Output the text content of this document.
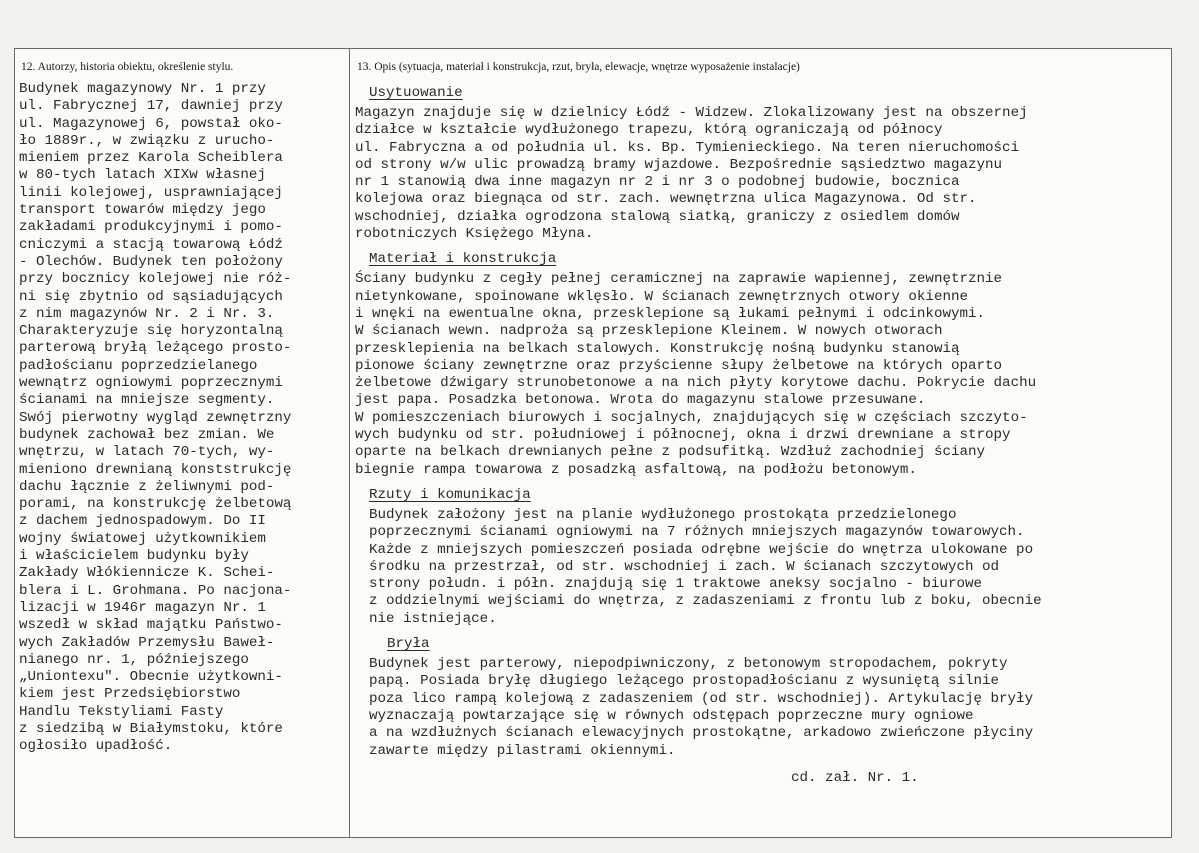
12. Autorzy, historia obiektu, określenie stylu.	13. Opis (sytuacja, materiał i konstrukcja, rzut, bryła, elewacje, wnętrze wyposażenie instalacje)
Budynek magazynowy Nr. 1 przy
ul. Fabrycznej 17, dawniej przy
ul. Magazynowej 6, powstał oko-
ło 1889r., w związku z urucho-
mieniem przez Karola Scheiblera
w 80-tych latach XIXw własnej
linii kolejowej, usprawniającej
transport towarów między jego
zakładami produkcyjnymi i pomo-
cniczymi a stacją towarową Łódź
- Olechów. Budynek ten położony
przy bocznicy kolejowej nie róż-
ni się zbytnio od sąsiadujących
z nim magazynów Nr. 2 i Nr. 3.
Charakteryzuje się horyzontalną
parterową bryłą leżącego prosto-
padłościanu poprzedzielanego
wewnątrz ogniowymi poprzecznymi
ścianami na mniejsze segmenty.
Swój pierwotny wygląd zewnętrzny
budynek zachował bez zmian. We
wnętrzu, w latach 70-tych, wy-
mieniono drewnianą konststrukcję
dachu łącznie z żeliwnymi pod-
porami, na konstrukcję żelbetową
z dachem jednospadowym. Do II
wojny światowej użytkownikiem
i właścicielem budynku były
Zakłady Włókiennicze K. Schei-
blera i L. Grohmana. Po nacjona-
lizacji w 1946r magazyn Nr. 1
wszedł w skład majątku Państwo-
wych Zakładów Przemysłu Baweł-
nianego nr. 1, późniejszego
„Uniontexu". Obecnie użytkowni-
kiem jest Przedsiębiorstwo
Handlu Tekstyliami Fasty
z siedzibą w Białymstoku, które
ogłosiło upadłość.
Usytuowanie
Magazyn znajduje się w dzielnicy Łódź - Widzew. Zlokalizowany jest na obszernej
działce w kształcie wydłużonego trapezu, którą ograniczają od północy
ul. Fabryczna a od południa ul. ks. Bp. Tymienieckiego. Na teren nieruchomości
od strony w/w ulic prowadzą bramy wjazdowe. Bezpośrednie sąsiedztwo magazynu
nr 1 stanowią dwa inne magazyn nr 2 i nr 3 o podobnej budowie, bocznica
kolejowa oraz biegnąca od str. zach. wewnętrzna ulica Magazynowa. Od str.
wschodniej, działka ogrodzona stalową siatką, graniczy z osiedlem domów
robotniczych Księżego Młyna.
Materiał i konstrukcja
Ściany budynku z cegły pełnej ceramicznej na zaprawie wapiennej, zewnętrznie
nietynkowane, spoinowane wklęsło. W ścianach zewnętrznych otwory okienne
i wnęki na ewentualne okna, przesklepione są łukami pełnymi i odcinkowymi.
W ścianach wewn. nadproża są przesklepione Kleinem. W nowych otworach
przesklepienia na belkach stalowych. Konstrukcję nośną budynku stanowią
pionowe ściany zewnętrzne oraz przyścienne słupy żelbetowe na których oparto
żelbetowe dźwigary strunobetonowe a na nich płyty korytowe dachu. Pokrycie dachu
jest papa. Posadzka betonowa. Wrota do magazynu stalowe przesuwane.
W pomieszczeniach biurowych i socjalnych, znajdujących się w częściach szczyto-
wych budynku od str. południowej i północnej, okna i drzwi drewniane a stropy
oparte na belkach drewnianych pełne z podsufitką. Wzdłuż zachodniej ściany
biegnie rampa towarowa z posadzką asfaltową, na podłożu betonowym.
Rzuty i komunikacja
Budynek założony jest na planie wydłużonego prostokąta przedzielonego
poprzecznymi ścianami ogniowymi na 7 różnych mniejszych magazynów towarowych.
Każde z mniejszych pomieszczeń posiada odrębne wejście do wnętrza ulokowane po
środku na przestrzał, od str. wschodniej i zach. W ścianach szczytowych od
strony połudn. i półn. znajdują się 1 traktowe aneksy socjalno - biurowe
z oddzielnymi wejściami do wnętrza, z zadaszeniami z frontu lub z boku, obecnie
nie istniejące.
Bryła
Budynek jest parterowy, niepodpiwniczony, z betonowym stropodachem, pokryty
papą. Posiada bryłę długiego leżącego prostopadłościanu z wysuniętą silnie
poza lico rampą kolejową z zadaszeniem (od str. wschodniej). Artykulację bryły
wyznaczają powtarzające się w równych odstępach poprzeczne mury ogniowe
a na wzdłużnych ścianach elewacyjnych prostokątne, arkadowo zwieńczone płyciny
zawarte między pilastrami okiennymi.
cd. zał. Nr. 1.
